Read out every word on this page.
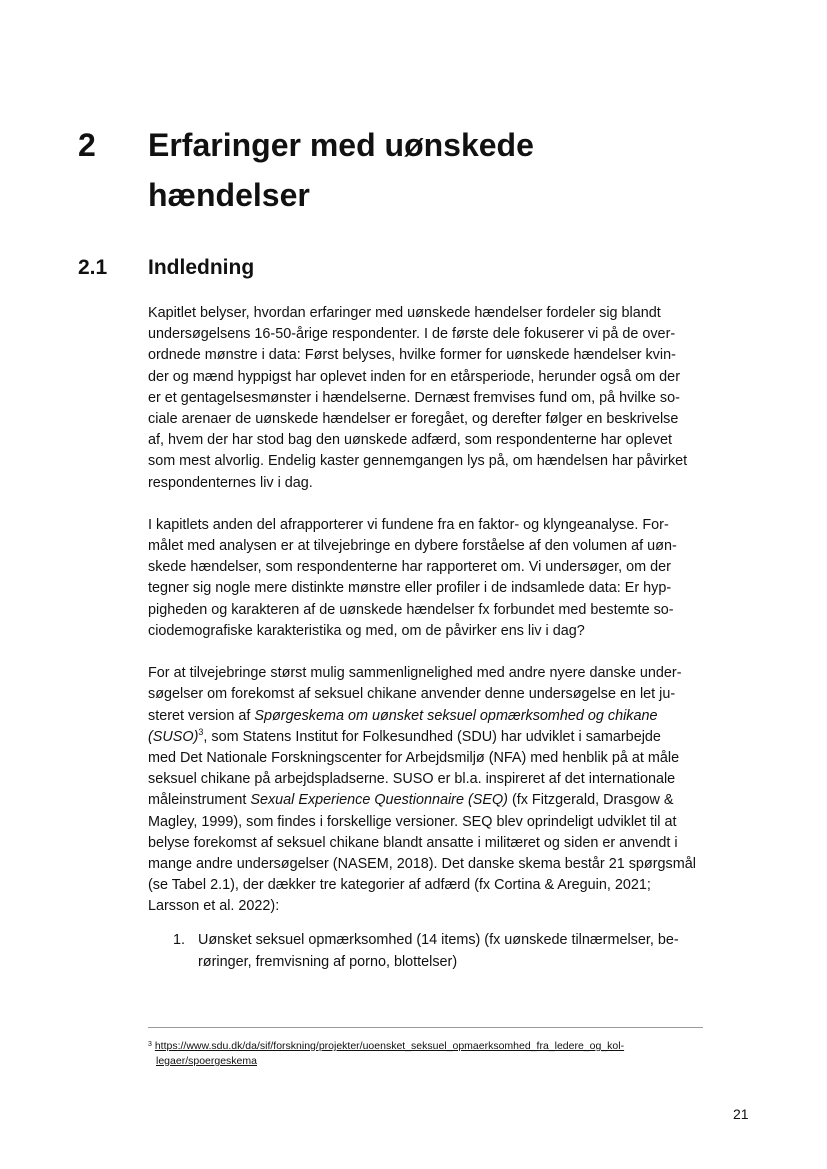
2 Erfaringer med uønskede
hændelser
2.1 Indledning
Kapitlet belyser, hvordan erfaringer med uønskede hændelser fordeler sig blandt
undersøgelsens 16-50-årige respondenter. I de første dele fokuserer vi på de over-
ordnede mønstre i data: Først belyses, hvilke former for uønskede hændelser kvin-
der og mænd hyppigst har oplevet inden for en etårsperiode, herunder også om der
er et gentagelsesmønster i hændelserne. Dernæst fremvises fund om, på hvilke so-
ciale arenaer de uønskede hændelser er foregået, og derefter følger en beskrivelse
af, hvem der har stod bag den uønskede adfærd, som respondenterne har oplevet
som mest alvorlig. Endelig kaster gennemgangen lys på, om hændelsen har påvirket
respondenternes liv i dag.
I kapitlets anden del afrapporterer vi fundene fra en faktor- og klyngeanalyse. For-
målet med analysen er at tilvejebringe en dybere forståelse af den volumen af uøn-
skede hændelser, som respondenterne har rapporteret om. Vi undersøger, om der
tegner sig nogle mere distinkte mønstre eller profiler i de indsamlede data: Er hyp-
pigheden og karakteren af de uønskede hændelser fx forbundet med bestemte so-
ciodemografiske karakteristika og med, om de påvirker ens liv i dag?
For at tilvejebringe størst mulig sammenlignelighed med andre nyere danske under-
søgelser om forekomst af seksuel chikane anvender denne undersøgelse en let ju-
steret version af Spørgeskema om uønsket seksuel opmærksomhed og chikane
(SUSO)$^3$, som Statens Institut for Folkesundhed (SDU) har udviklet i samarbejde
med Det Nationale Forskningscenter for Arbejdsmiljø (NFA) med henblik på at måle
seksuel chikane på arbejdspladserne. SUSO er bl.a. inspireret af det internationale
måleinstrument Sexual Experience Questionnaire (SEQ) (fx Fitzgerald, Drasgow &
Magley, 1999), som findes i forskellige versioner. SEQ blev oprindeligt udviklet til at
belyse forekomst af seksuel chikane blandt ansatte i militæret og siden er anvendt i
mange andre undersøgelser (NASEM, 2018). Det danske skema består 21 spørgsmål
(se Tabel 2.1), der dækker tre kategorier af adfærd (fx Cortina & Areguin, 2021;
Larsson et al. 2022):
1. Uønsket seksuel opmærksomhed (14 items) (fx uønskede tilnærmelser, be-
røringer, fremvisning af porno, blottelser)
$^3$ https://www.sdu.dk/da/sif/forskning/projekter/uoensket_seksuel_opmaerksomhed_fra_ledere_og_kol-
legaer/spoergeskema
21
